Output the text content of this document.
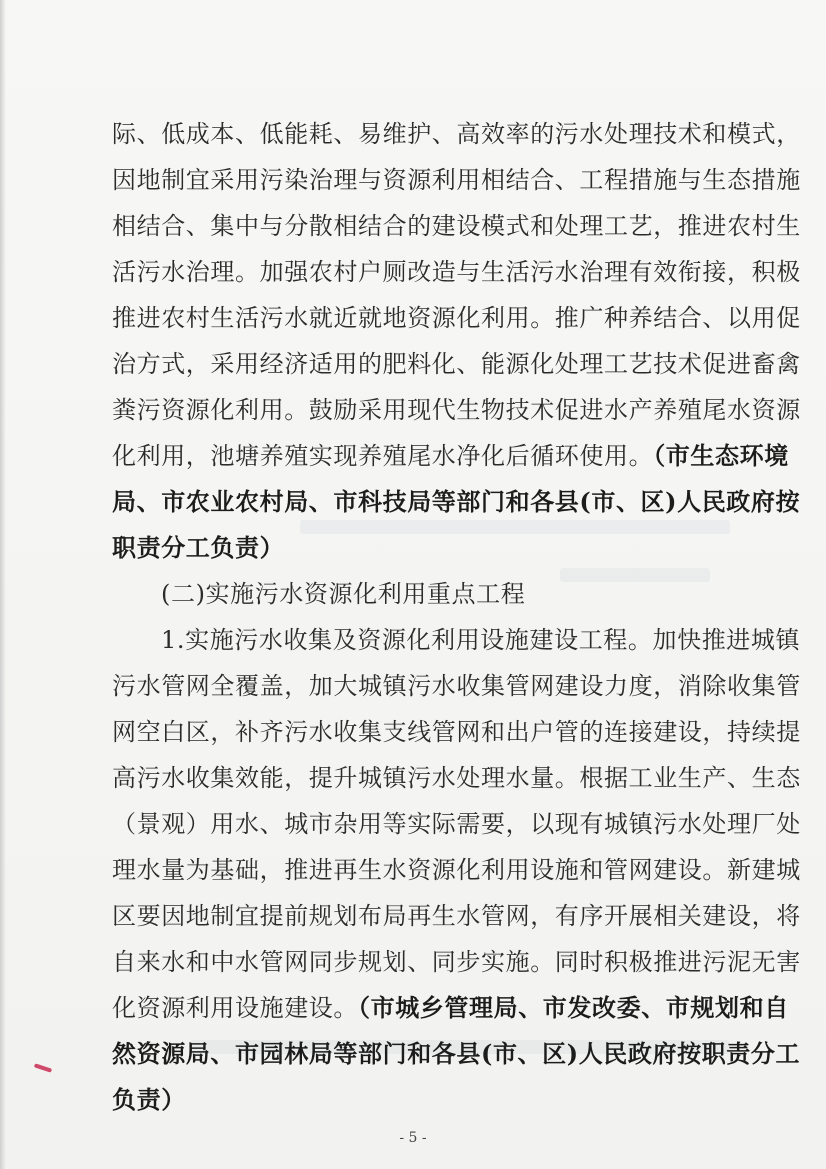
际、低成本、低能耗、易维护、高效率的污水处理技术和模式，
因地制宜采用污染治理与资源利用相结合、工程措施与生态措施
相结合、集中与分散相结合的建设模式和处理工艺，推进农村生
活污水治理。加强农村户厕改造与生活污水治理有效衔接，积极
推进农村生活污水就近就地资源化利用。推广种养结合、以用促
治方式，采用经济适用的肥料化、能源化处理工艺技术促进畜禽
粪污资源化利用。鼓励采用现代生物技术促进水产养殖尾水资源
化利用，池塘养殖实现养殖尾水净化后循环使用。（市生态环境
局、市农业农村局、市科技局等部门和各县(市、区)人民政府按
职责分工负责）
(二)实施污水资源化利用重点工程
1.实施污水收集及资源化利用设施建设工程。加快推进城镇
污水管网全覆盖，加大城镇污水收集管网建设力度，消除收集管
网空白区，补齐污水收集支线管网和出户管的连接建设，持续提
高污水收集效能，提升城镇污水处理水量。根据工业生产、生态
（景观）用水、城市杂用等实际需要，以现有城镇污水处理厂处
理水量为基础，推进再生水资源化利用设施和管网建设。新建城
区要因地制宜提前规划布局再生水管网，有序开展相关建设，将
自来水和中水管网同步规划、同步实施。同时积极推进污泥无害
化资源利用设施建设。（市城乡管理局、市发改委、市规划和自
然资源局、市园林局等部门和各县(市、区)人民政府按职责分工
负责）
- 5 -
